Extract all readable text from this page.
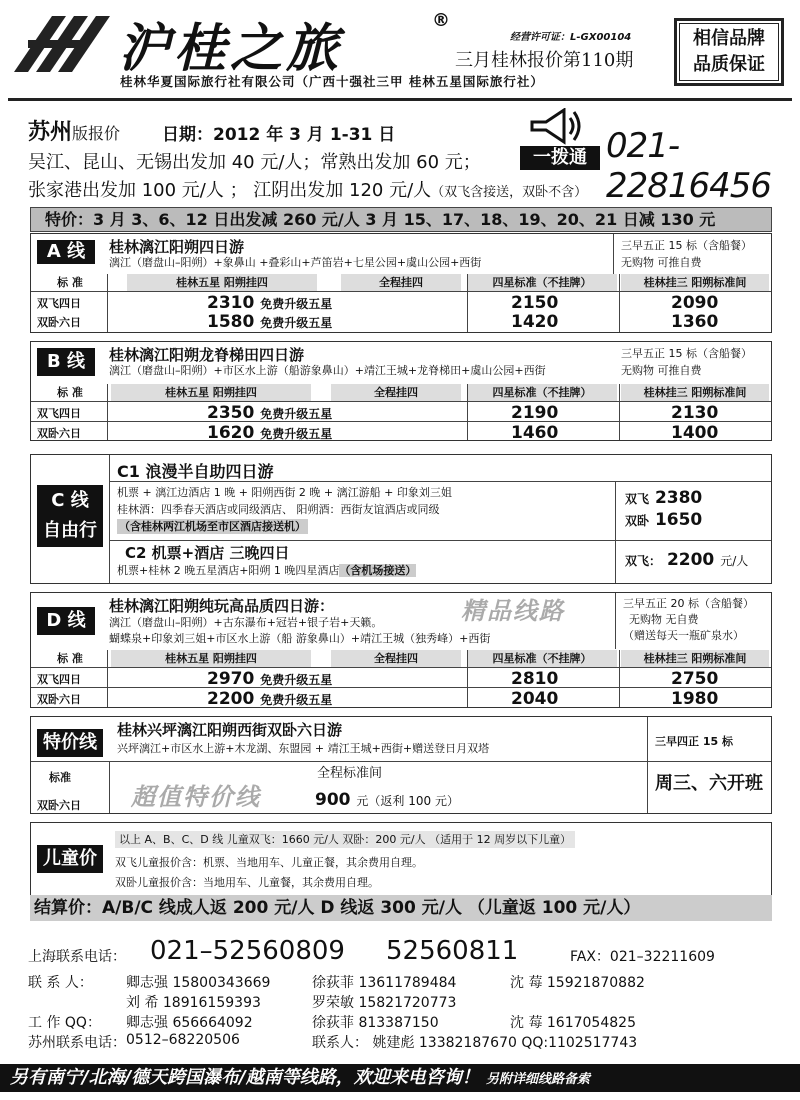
沪桂之旅	®
经营许可证：L-GX00104
三月桂林报价第110期
桂林华夏国际旅行社有限公司（广西十强社三甲 桂林五星国际旅行社）
相信品牌
品质保证
苏州版报价 日期：2012 年 3 月 1-31 日
吴江、昆山、无锡出发加 40 元/人；常熟出发加 60 元；
张家港出发加 100 元/人 ； 江阴出发加 120 元/人（双飞含接送，双卧不含）
一拨通 021-22816456
特价：3 月 3、6、12 日出发减 260 元/人 3 月 15、17、18、19、20、21 日减 130 元
A 线	桂林漓江阳朔四日游
漓江（磨盘山–阳朔）+象鼻山 +叠彩山+芦笛岩+七星公园+虞山公园+西街
三早五正 15 标（含船餐）
无购物 可推自费
标 准	桂林五星 阳朔挂四	全程挂四	四星标准（不挂牌）	桂林挂三 阳朔标准间
双飞四日	2310 免费升级五星	2150	2090
双卧六日	1580 免费升级五星	1420	1360
B 线	桂林漓江阳朔龙脊梯田四日游
漓江（磨盘山–阳朔）+市区水上游（船游象鼻山）+靖江王城+龙脊梯田+虞山公园+西街
三早五正 15 标（含船餐）
无购物 可推自费
标 准	桂林五星 阳朔挂四	全程挂四	四星标准（不挂牌）	桂林挂三 阳朔标准间
双飞四日	2350 免费升级五星	2190	2130
双卧六日	1620 免费升级五星	1460	1400
C 线
自由行
C1 浪漫半自助四日游
机票 + 漓江边酒店 1 晚 + 阳朔西街 2 晚 + 漓江游船 + 印象刘三姐
桂林酒：四季春天酒店或同级酒店、 阳朔酒：西街友谊酒店或同级
（含桂林两江机场至市区酒店接送机）
双飞 2380
双卧 1650
C2 机票+酒店 三晚四日
机票+桂林 2 晚五星酒店+阳朔 1 晚四星酒店（含机场接送）
双飞： 2200 元/人
D 线
桂林漓江阳朔纯玩高品质四日游：	精品线路
漓江（磨盘山–阳朔）+古东瀑布+冠岩+银子岩+天籁。
蝴蝶泉+印象刘三姐+市区水上游（船 游象鼻山）+靖江王城（独秀峰）+西街
三早五正 20 标（含船餐）
无购物 无自费
（赠送每天一瓶矿泉水）
标 准	桂林五星 阳朔挂四	全程挂四	四星标准（不挂牌）	桂林挂三 阳朔标准间
双飞四日	2970 免费升级五星	2810	2750
双卧六日	2200 免费升级五星	2040	1980
特价线
桂林兴坪漓江阳朔西街双卧六日游
兴坪漓江+市区水上游+木龙湖、东盟园 + 靖江王城+西街+赠送登日月双塔
三早四正 15 标
标准
双卧六日 超值特价线
全程标准间
900 元（返利 100 元）
周三、六开班
儿童价
以上 A、B、C、D 线 儿童双飞：1660 元/人 双卧：200 元/人 （适用于 12 周岁以下儿童）
双飞儿童报价含：机票、当地用车、儿童正餐，其余费用自理。
双卧儿童报价含：当地用车、儿童餐，其余费用自理。
结算价：A/B/C 线成人返 200 元/人 D 线返 300 元/人 （儿童返 100 元/人）
上海联系电话： 021–52560809 52560811	FAX：021–32211609
联 系 人： 卿志强 15800343669	徐荻菲 13611789484	沈 莓 15921870882
刘 希 18916159393	罗荣敏 15821720773
工 作 QQ： 卿志强 656664092	徐荻菲 813387150	沈 莓 1617054825
苏州联系电话： 0512–68220506	联系人： 姚建彪 13382187670 QQ:1102517743
另有南宁/北海/德天跨国瀑布/越南等线路，欢迎来电咨询！ 另附详细线路备索
